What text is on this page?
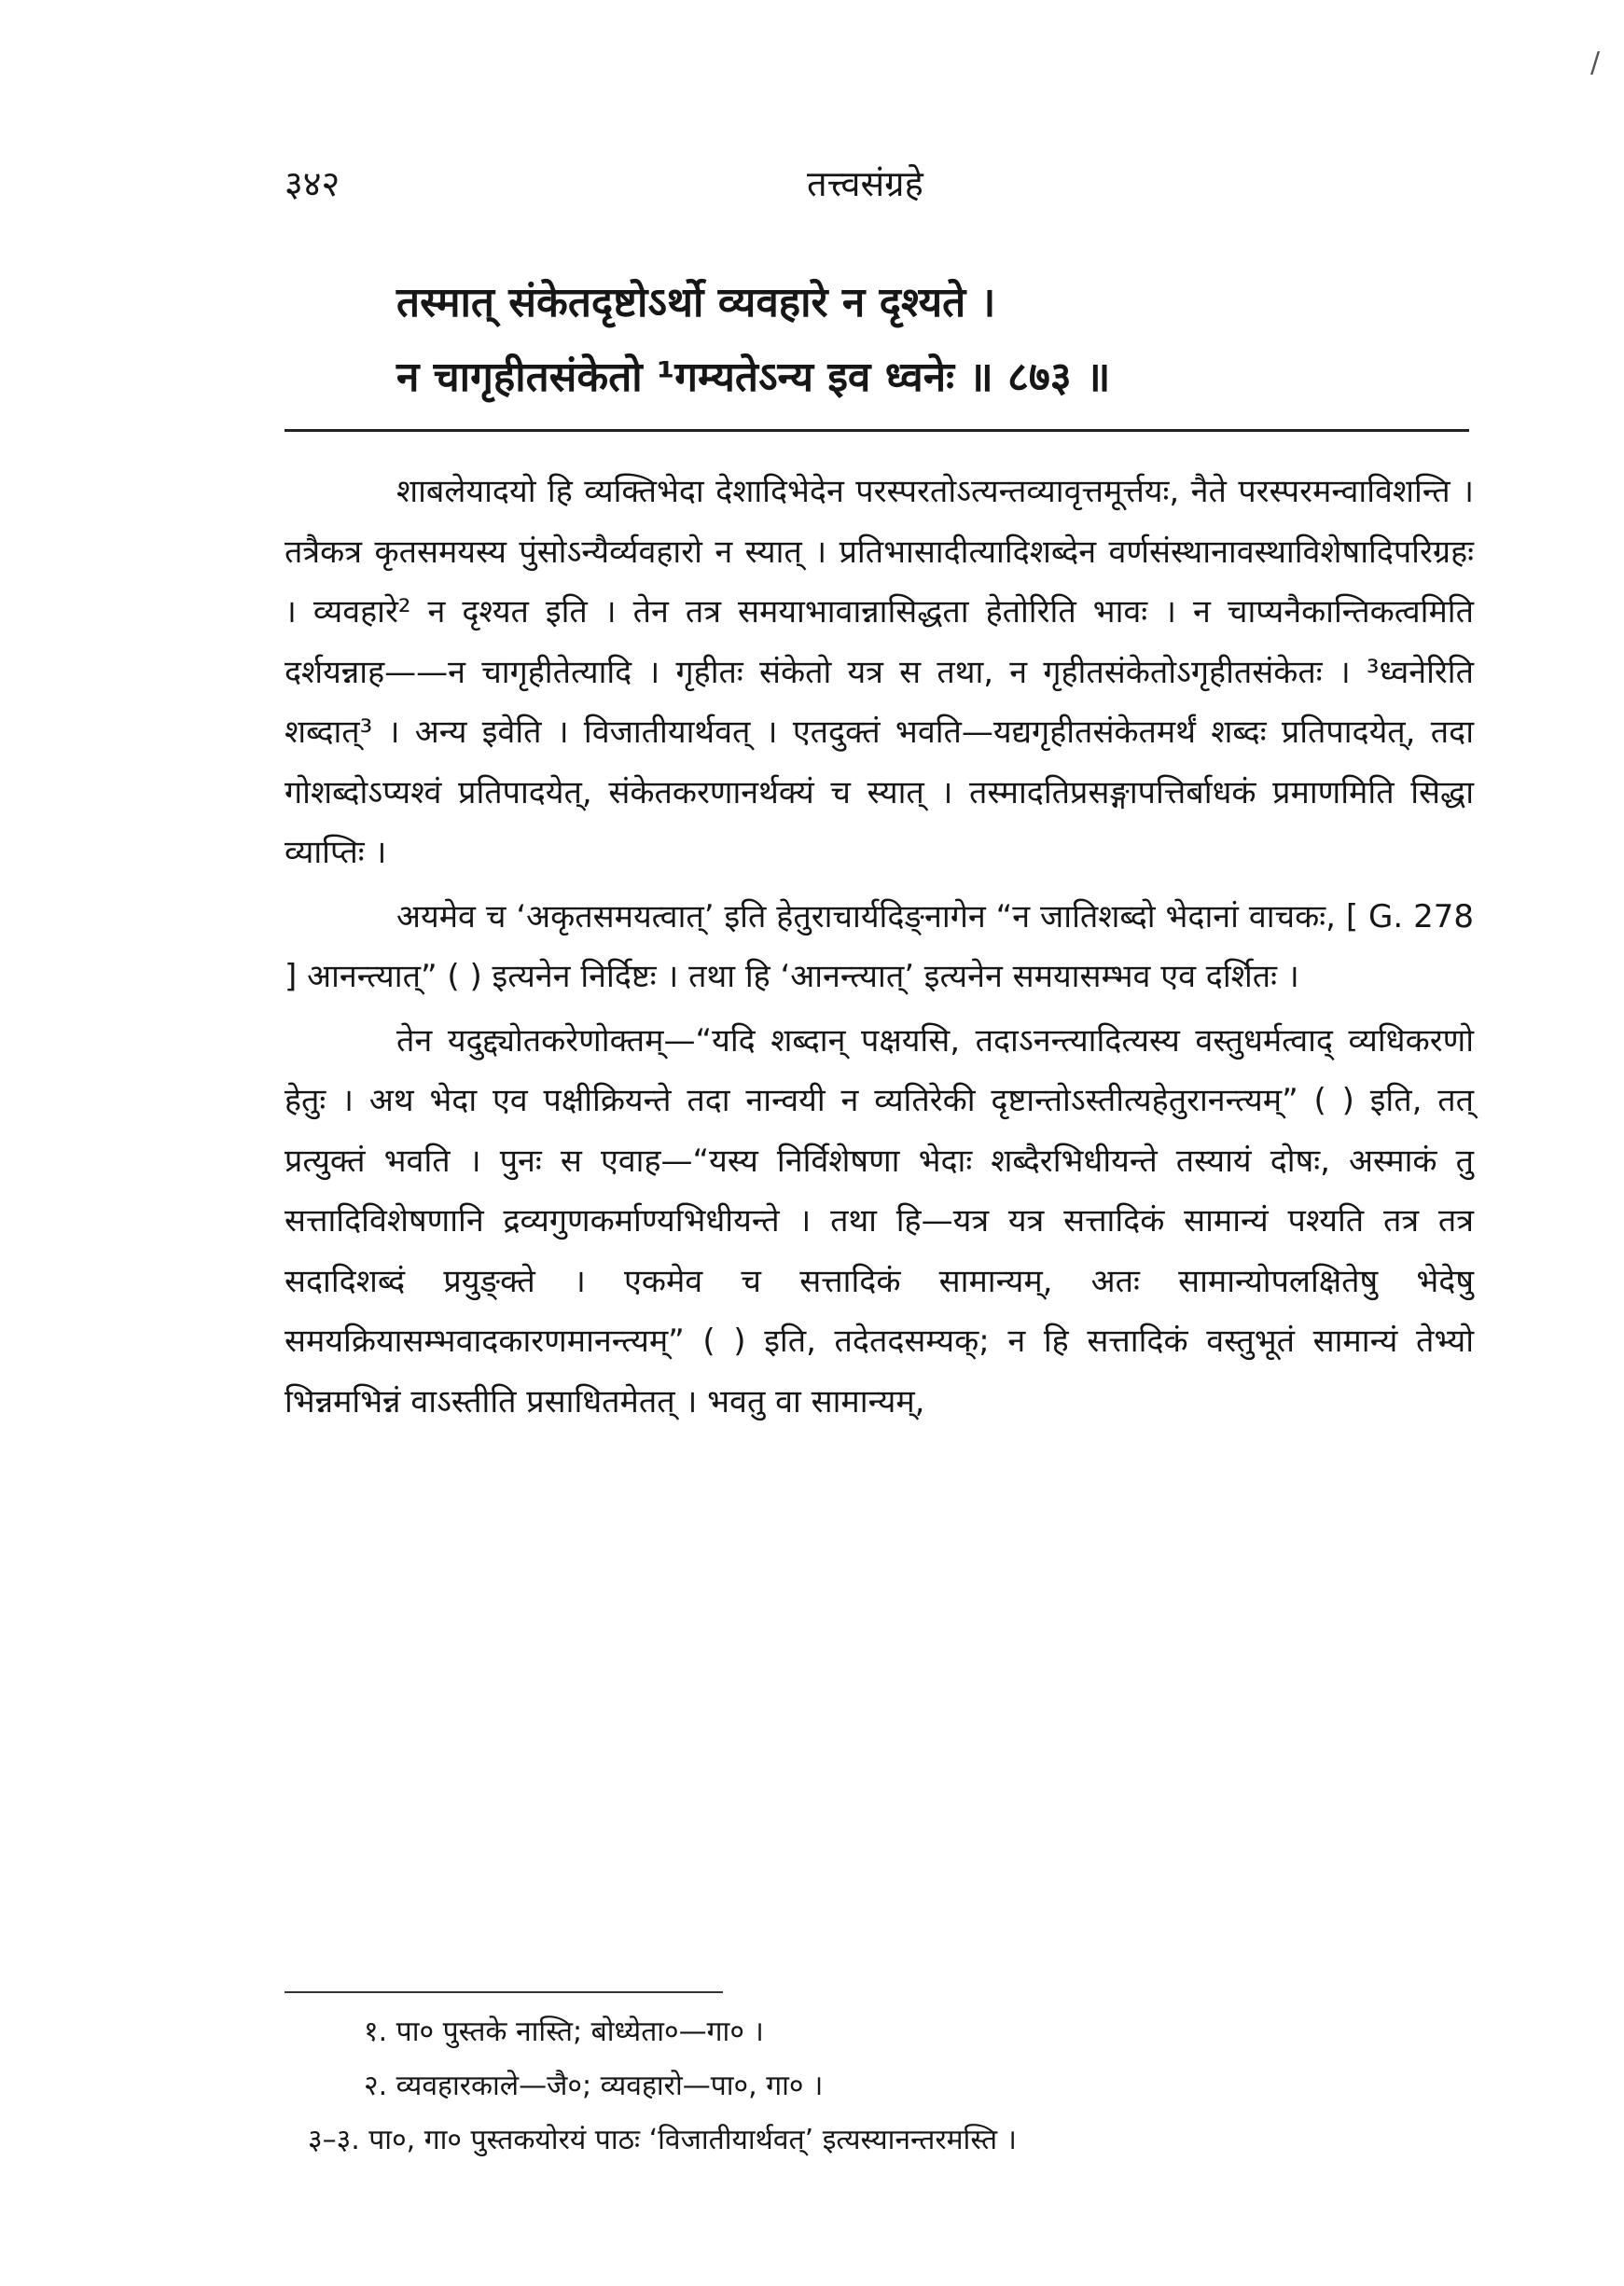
३४२	तत्त्वसंग्रहे
तस्मात् संकेतदृष्टोऽर्थो व्यवहारे न दृश्यते ।
न चागृहीतसंकेतो ¹गम्यतेऽन्य इव ध्वनेः ॥ ८७३ ॥

शाबलेयादयो हि व्यक्तिभेदा देशादिभेदेन परस्परतोऽत्यन्तव्यावृत्तमूर्त्तयः, नैते परस्परमन्वाविशन्ति । तत्रैकत्र कृतसमयस्य पुंसोऽन्यैर्व्यवहारो न स्यात् । प्रतिभासादीत्यादिशब्देन वर्णसंस्थानावस्थाविशेषादिपरिग्रहः । व्यवहारे² न दृश्यत इति । तेन तत्र समयाभावान्नासिद्धता हेतोरिति भावः । न चाप्यनैकान्तिकत्वमिति दर्शयन्नाह——न चागृहीतेत्यादि । गृहीतः संकेतो यत्र स तथा, न गृहीतसंकेतोऽगृहीतसंकेतः । ³ध्वनेरिति शब्दात्³ । अन्य इवेति । विजातीयार्थवत् । एतदुक्तं भवति—यद्यगृहीतसंकेतमर्थं शब्दः प्रतिपादयेत्, तदा गोशब्दोऽप्यश्वं प्रतिपादयेत्, संकेतकरणानर्थक्यं च स्यात् । तस्मादतिप्रसङ्गापत्तिर्बाधकं प्रमाणमिति सिद्धा व्याप्तिः ।

अयमेव च ‘अकृतसमयत्वात्’ इति हेतुराचार्यदिङ्नागेन “न जातिशब्दो भेदानां वाचकः, [ G. 278 ] आनन्त्यात्” ( ) इत्यनेन निर्दिष्टः । तथा हि ‘आनन्त्यात्’ इत्यनेन समयासम्भव एव दर्शितः ।

तेन यदुद्द्योतकरेणोक्तम्—“यदि शब्दान् पक्षयसि, तदाऽनन्त्यादित्यस्य वस्तुधर्मत्वाद् व्यधिकरणो हेतुः । अथ भेदा एव पक्षीक्रियन्ते तदा नान्वयी न व्यतिरेकी दृष्टान्तोऽस्तीत्यहेतुरानन्त्यम्” ( ) इति, तत् प्रत्युक्तं भवति । पुनः स एवाह—“यस्य निर्विशेषणा भेदाः शब्दैरभिधीयन्ते तस्यायं दोषः, अस्माकं तु सत्तादिविशेषणानि द्रव्यगुणकर्माण्यभिधीयन्ते । तथा हि—यत्र यत्र सत्तादिकं सामान्यं पश्यति तत्र तत्र सदादिशब्दं प्रयुङ्क्ते । एकमेव च सत्तादिकं सामान्यम्, अतः सामान्योपलक्षितेषु भेदेषु समयक्रियासम्भवादकारणमानन्त्यम्” ( ) इति, तदेतदसम्यक्; न हि सत्तादिकं वस्तुभूतं सामान्यं तेभ्यो भिन्नमभिन्नं वाऽस्तीति प्रसाधितमेतत् । भवतु वा सामान्यम्,

१. पा० पुस्तके नास्ति; बोध्येता०—गा० ।
२. व्यवहारकाले—जै०; व्यवहारो—पा०, गा० ।
३–३. पा०, गा० पुस्तकयोरयं पाठः ‘विजातीयार्थवत्’ इत्यस्यानन्तरमस्ति ।
/
